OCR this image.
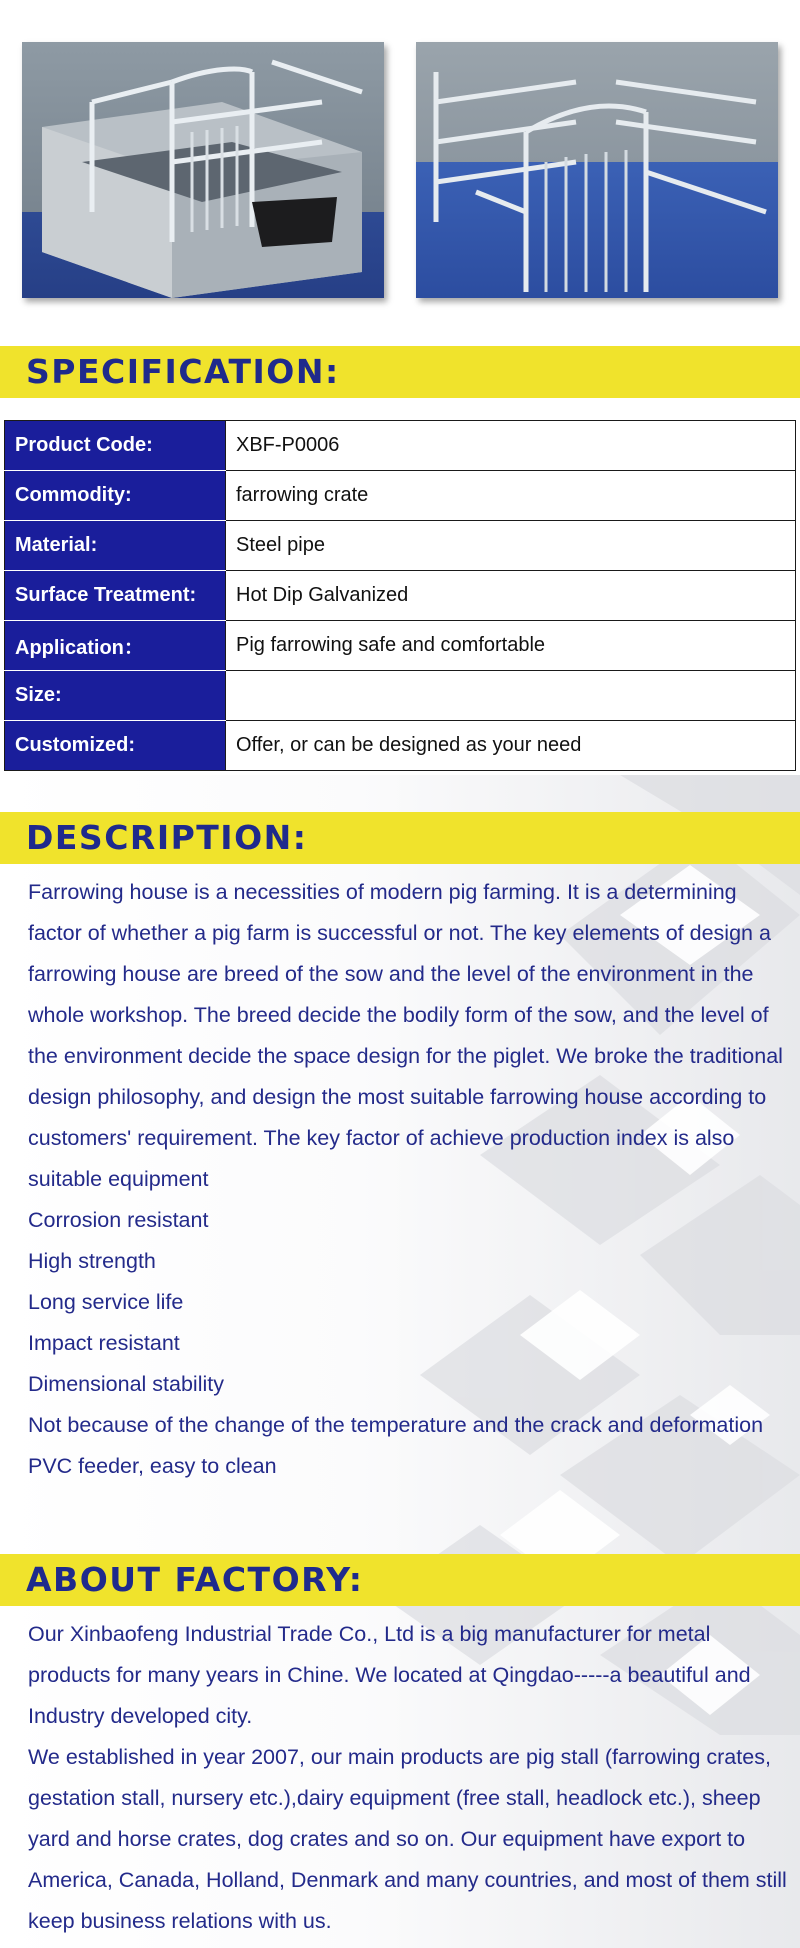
SPECIFICATION:
Product Code:	XBF-P0006
Commodity:	farrowing crate
Material:	Steel pipe
Surface Treatment:	Hot Dip Galvanized
Application：	Pig farrowing safe and comfortable
Size:	
Customized:	Offer, or can be designed as your need
DESCRIPTION:

Farrowing house is a necessities of modern pig farming. It is a determining factor of whether a pig farm is successful or not. The key elements of design a farrowing house are breed of the sow and the level of the environment in the whole workshop. The breed decide the bodily form of the sow, and the level of the environment decide the space design for the piglet. We broke the traditional design philosophy, and design the most suitable farrowing house according to customers' requirement. The key factor of achieve production index is also suitable equipment

Corrosion resistant

High strength

Long service life

Impact resistant

Dimensional stability

Not because of the change of the temperature and the crack and deformation

PVC feeder, easy to clean

ABOUT FACTORY:

Our Xinbaofeng Industrial Trade Co., Ltd is a big manufacturer for metal products for many years in Chine. We located at Qingdao-----a beautiful and Industry developed city.

We established in year 2007, our main products are pig stall (farrowing crates, gestation stall, nursery etc.),dairy equipment (free stall, headlock etc.), sheep yard and horse crates, dog crates and so on. Our equipment have export to America, Canada, Holland, Denmark and many countries, and most of them still keep business relations with us.
